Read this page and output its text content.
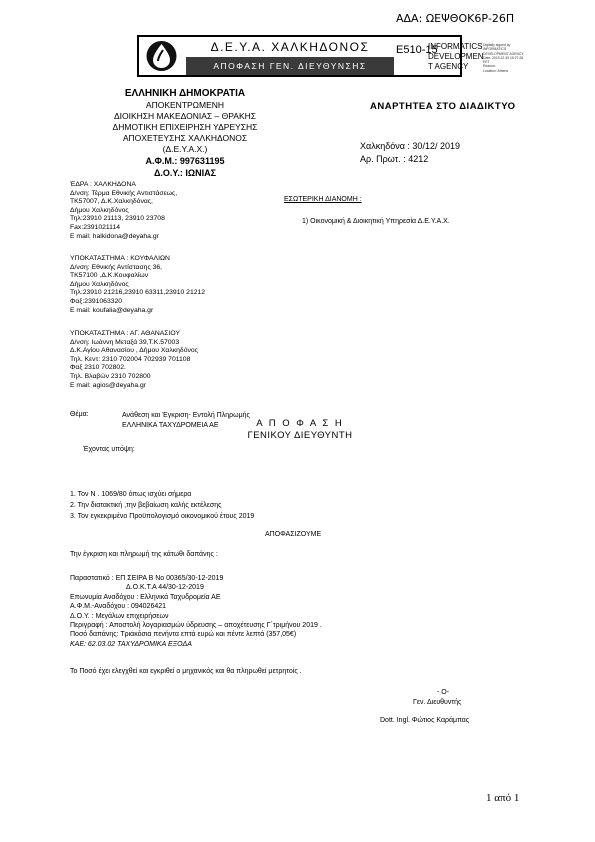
ΑΔΑ: ΩΕΨΘΟΚ6Ρ-26Π
Δ.Ε.Υ.Α. ΧΑΛΚΗΔΟΝΟΣ
ΑΠΟΦΑΣΗ ΓΕΝ. ΔΙΕΥΘΥΝΣΗΣ
E510-15
INFORMATICS
DEVELOPMEN
T AGENCY
Digitally signed by
INFORMATICS
DEVELOPMENT AGENCY
Date: 2019.12.30 15:27:28
EET
Reason:
Location: Athens
ΕΛΛΗΝΙΚΗ ΔΗΜΟΚΡΑΤΙΑ
ΑΠΟΚΕΝΤΡΩΜΕΝΗ
ΔΙΟΙΚΗΣΗ ΜΑΚΕΔΟΝΙΑΣ – ΘΡΑΚΗΣ
ΔΗΜΟΤΙΚΗ ΕΠΙΧΕΙΡΗΣΗ ΥΔΡΕΥΣΗΣ
ΑΠΟΧΕΤΕΥΣΗΣ ΧΑΛΚΗΔΟΝΟΣ
(Δ.Ε.Υ.Α.Χ.)
Α.Φ.Μ.: 997631195
Δ.Ο.Υ.: ΙΩΝΙΑΣ
ΈΔΡΑ : ΧΑΛΚΗΔΟΝΑ
Δ/νση: Τέρμα Εθνικής Αντιστάσεως,
ΤΚ57007, Δ.Κ.Χαλκηδόνας,
Δήμου Χαλκηδόνος
Τηλ:23910 21113, 23910 23708
Fax:2391021114
E mail: halkidona@deyaha.gr
ΥΠΟΚΑΤΑΣΤΗΜΑ : ΚΟΥΦΑΛΙΩΝ
Δ/νση: Εθνικής Αντίστασης 36,
ΤΚ57100 ,Δ.Κ.Κουφαλίων
Δήμου Χαλκηδόνος
Τηλ:23910 21216,23910 63311,23910 21212
Φαξ:2391063320
E mail: koufalia@deyaha.gr
ΥΠΟΚΑΤΑΣΤΗΜΑ : ΑΓ. ΑΘΑΝΑΣΙΟΥ
Δ/νση: Ιωάννη Μεταξά 39,Τ.Κ.57003
Δ.Κ.Αγίου Αθανασίου , Δήμου Χαλκηδόνος
Τηλ. Κεντ: 2310 702004 702939 701108
Φαξ 2310 702802.
Τηλ. Βλαβών 2310 702800
E mail: agios@deyaha.gr
ΑΝΑΡΤΗΤΕΑ ΣΤΟ ΔΙΑΔΙΚΤΥΟ
Χαλκηδόνα : 30/12/ 2019
Αρ. Πρωτ. : 4212
ΕΣΩΤΕΡΙΚΗ ΔΙΑΝΟΜΗ :
1) Οικονομική & Διοικητική Υπηρεσία Δ.Ε.Υ.Α.Χ.
Θέμα:	Ανάθεση και Έγκριση- Εντολή Πληρωμής
ΕΛΛΗΝΙΚΑ ΤΑΧΥΔΡΟΜΕΙΑ ΑΕ	Α Π Ο Φ Α Σ Η
ΓΕΝΙΚΟΥ ΔΙΕΥΘΥΝΤΗ
Έχοντας υπόψη:
1. Τον Ν . 1069/80 όπως ισχύει σήμερα
2. Την διατακτική ,την βεβαίωση καλής εκτέλεσης
3. Τον εγκεκριμένο Προϋπολογισμό οικονομικού έτους 2019
ΑΠΟΦΑΣΙΖΟΥΜΕ
Την έγκριση και πληρωμή της κάτωθι δαπάνης :
Παραστατικό : ΕΠ ΣΕΙΡΑ Β Νο 00365/30-12-2019
Δ.Ο.Κ.Τ.Α 44/30-12-2019
Επωνυμία Αναδόχου : Ελληνικά Ταχυδρομεία ΑΕ
Α.Φ.Μ.-Αναδόχου : 094026421
Δ.Ο.Υ. : Μεγάλων επιχειρήσεων
Περιγραφή : Αποστολή λογαριασμών ύδρευσης – αποχέτευσης Γ΄τριμήνου 2019 .
Ποσό δαπάνης: Τριακόσια πενήντα επτά ευρώ και πέντε λεπτά (357,05€)
ΚΑΕ: 62.03.02 ΤΑΧΥΔΡΟΜΙΚΑ ΕΞΟΔΑ
Το Ποσό έχει ελεγχθεί και εγκριθεί ο μηχανικός και θα πληρωθεί μετρητοίς .
- Ο-
Γεν. Διευθυντής
Dott. Ingl. Φώτιος Καράμπας
1 από 1
